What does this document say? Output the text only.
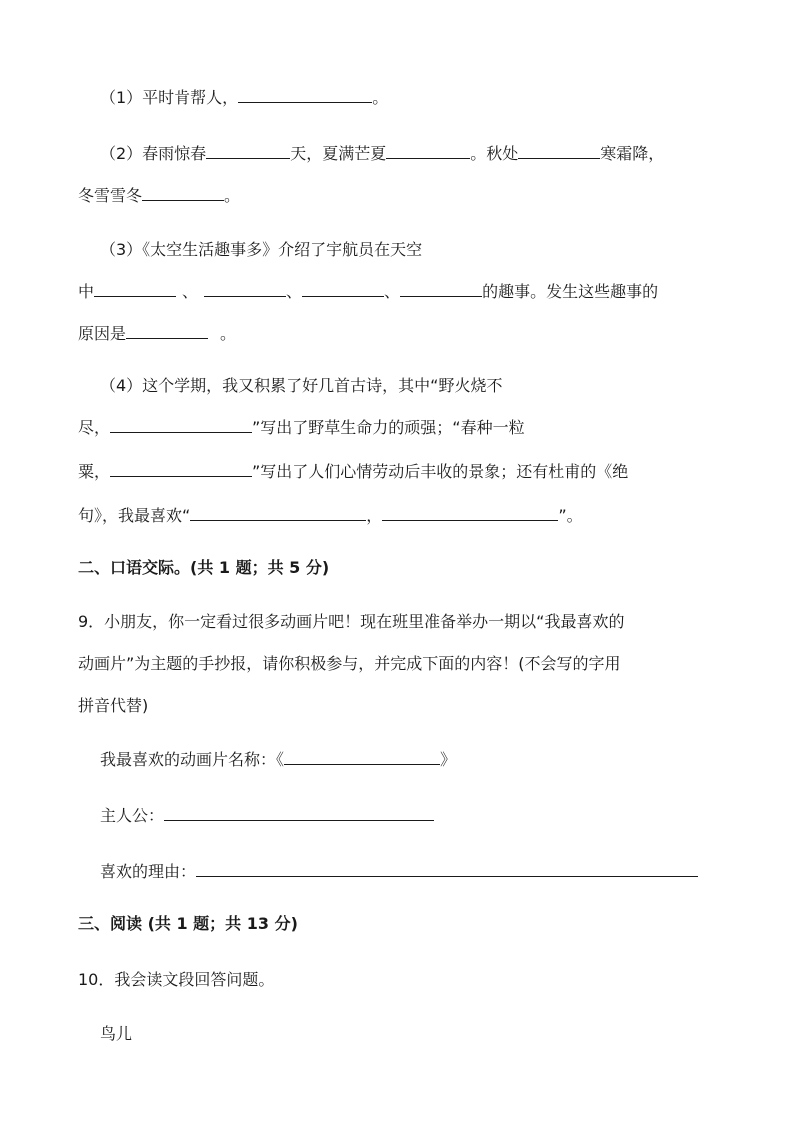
（1）平时肯帮人，	。
（2）春雨惊春	天，夏满芒夏	。秋处	寒霜降，
冬雪雪冬	。
（3）《太空生活趣事多》介绍了宇航员在天空
中	、	、	、	的趣事。发生这些趣事的
原因是	。
（4）这个学期，我又积累了好几首古诗，其中“野火烧不
尽，	”写出了野草生命力的顽强；“春种一粒
粟，	”写出了人们心情劳动后丰收的景象；还有杜甫的《绝
句》，我最喜欢“	，	”。
二、口语交际。(共 1 题；共 5 分)
9．小朋友，你一定看过很多动画片吧！现在班里准备举办一期以“我最喜欢的
动画片”为主题的手抄报，请你积极参与，并完成下面的内容！(不会写的字用
拼音代替)
我最喜欢的动画片名称：《	》
主人公：
喜欢的理由：
三、阅读 (共 1 题；共 13 分)
10．我会读文段回答问题。
鸟儿
